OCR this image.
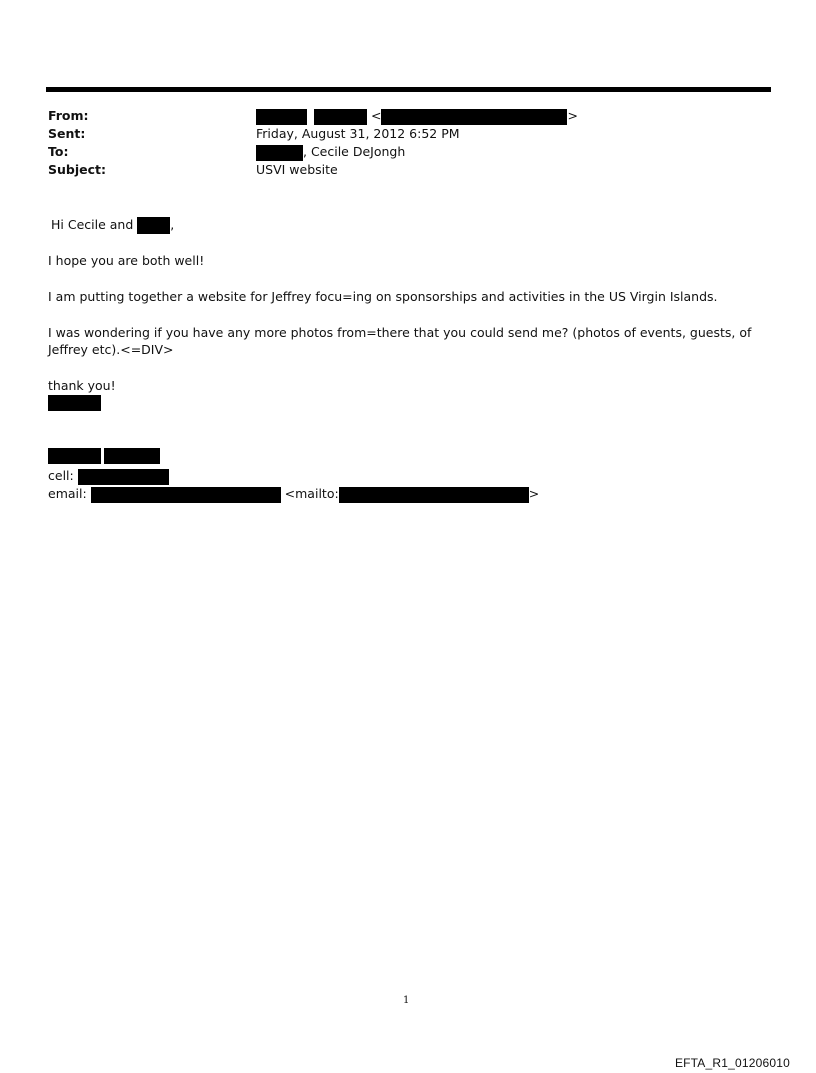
From:	<	>
Sent:	Friday, August 31, 2012 6:52 PM
To:	, Cecile DeJongh
Subject:	USVI website
Hi Cecile and	,
I hope you are both well!
I am putting together a website for Jeffrey focu=ing on sponsorships and activities in the US Virgin Islands.
I was wondering if you have any more photos from=there that you could send me? (photos of events, guests, of Jeffrey etc).<=DIV>
thank you!
cell:
email:	<mailto:	>
1
EFTA_R1_01206010
